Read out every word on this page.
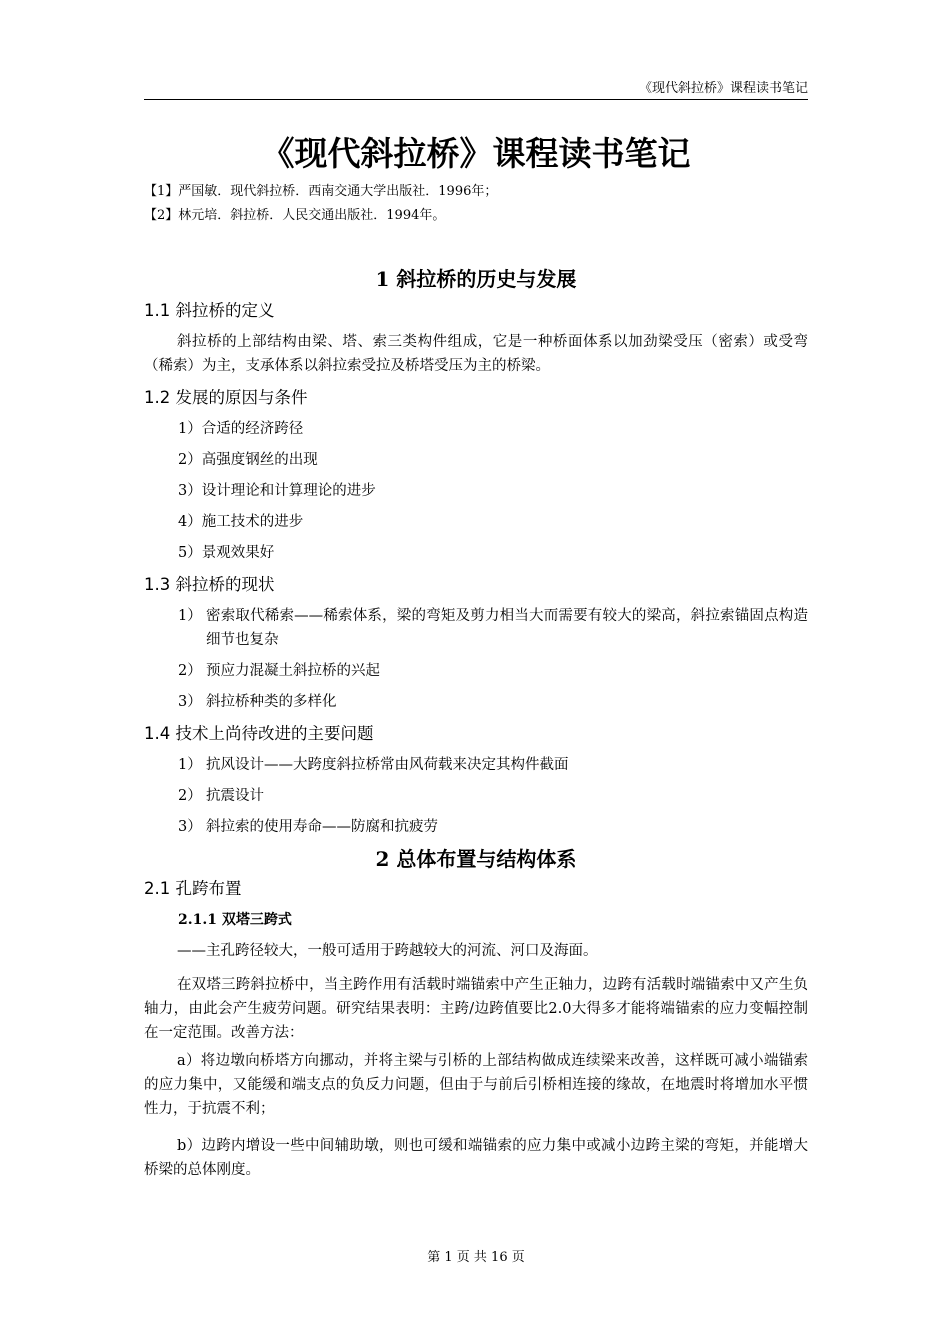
《现代斜拉桥》课程读书笔记
《现代斜拉桥》课程读书笔记
【1】严国敏．现代斜拉桥．西南交通大学出版社．1996年；
【2】林元培．斜拉桥．人民交通出版社．1994年。
1 斜拉桥的历史与发展
1.1 斜拉桥的定义
斜拉桥的上部结构由梁、塔、索三类构件组成，它是一种桥面体系以加劲梁受压（密索）或受弯（稀索）为主，支承体系以斜拉索受拉及桥塔受压为主的桥梁。
1.2 发展的原因与条件
1）合适的经济跨径
2）高强度钢丝的出现
3）设计理论和计算理论的进步
4）施工技术的进步
5）景观效果好
1.3 斜拉桥的现状
1） 密索取代稀索——稀索体系，梁的弯矩及剪力相当大而需要有较大的梁高，斜拉索锚固点构造细节也复杂
2） 预应力混凝土斜拉桥的兴起
3） 斜拉桥种类的多样化
1.4 技术上尚待改进的主要问题
1） 抗风设计——大跨度斜拉桥常由风荷载来决定其构件截面
2） 抗震设计
3） 斜拉索的使用寿命——防腐和抗疲劳
2 总体布置与结构体系
2.1 孔跨布置
2.1.1 双塔三跨式
——主孔跨径较大，一般可适用于跨越较大的河流、河口及海面。
在双塔三跨斜拉桥中，当主跨作用有活载时端锚索中产生正轴力，边跨有活载时端锚索中又产生负轴力，由此会产生疲劳问题。研究结果表明：主跨/边跨值要比2.0大得多才能将端锚索的应力变幅控制在一定范围。改善方法：
a）将边墩向桥塔方向挪动，并将主梁与引桥的上部结构做成连续梁来改善，这样既可减小端锚索的应力集中，又能缓和端支点的负反力问题，但由于与前后引桥相连接的缘故，在地震时将增加水平惯性力，于抗震不利；
b）边跨内增设一些中间辅助墩，则也可缓和端锚索的应力集中或减小边跨主梁的弯矩，并能增大桥梁的总体刚度。
第 1 页 共 16 页
